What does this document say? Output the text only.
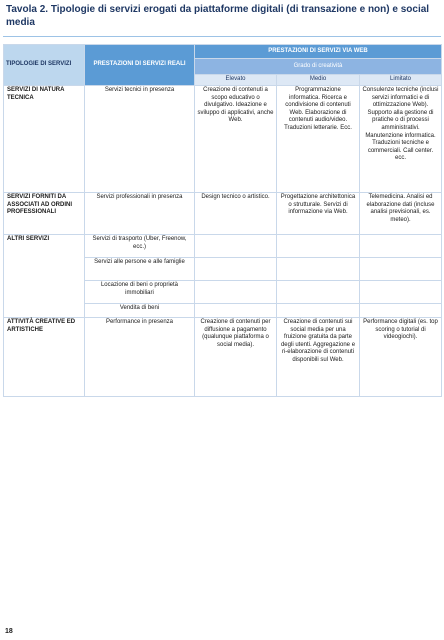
Tavola 2. Tipologie di servizi erogati da piattaforme digitali (di transazione e non) e social media
TIPOLOGIE DI SERVIZI	PRESTAZIONI DI SERVIZI REALI	PRESTAZIONI DI SERVIZI VIA WEB		
		Grado di creatività		
		Elevato	Medio	Limitato
SERVIZI DI NATURA TECNICA	Servizi tecnici in presenza	Creazione di contenuti a scopo educativo o divulgativo. Ideazione e sviluppo di applicativi, anche Web.	Programmazione informatica. Ricerca e condivisione di contenuti Web. Elaborazione di contenuti audio/video. Traduzioni letterarie. Ecc.	Consulenze tecniche (inclusi servizi informatici e di ottimizzazione Web). Supporto alla gestione di pratiche o di processi amministrativi. Manutenzione informatica. Traduzioni tecniche e commerciali. Call center. ecc.
SERVIZI FORNITI DA ASSOCIATI AD ORDINI PROFESSIONALI	Servizi professionali in presenza	Design tecnico o artistico.	Progettazione architettonica o strutturale. Servizi di informazione via Web.	Telemedicina. Analisi ed elaborazione dati (incluse analisi previsionali, es. meteo).
ALTRI SERVIZI	Servizi di trasporto (Uber, Freenow, ecc.)			
	Servizi alle persone e alle famiglie			
	Locazione di beni o proprietà immobiliari			
	Vendita di beni			
ATTIVITÀ CREATIVE ED ARTISTICHE	Performance in presenza	Creazione di contenuti per diffusione a pagamento (qualunque piattaforma o social media).	Creazione di contenuti sui social media per una fruizione gratuita da parte degli utenti. Aggregazione e ri-elaborazione di contenuti disponibili sul Web.	Performance digitali (es. top scoring o tutorial di videogiochi).
18
